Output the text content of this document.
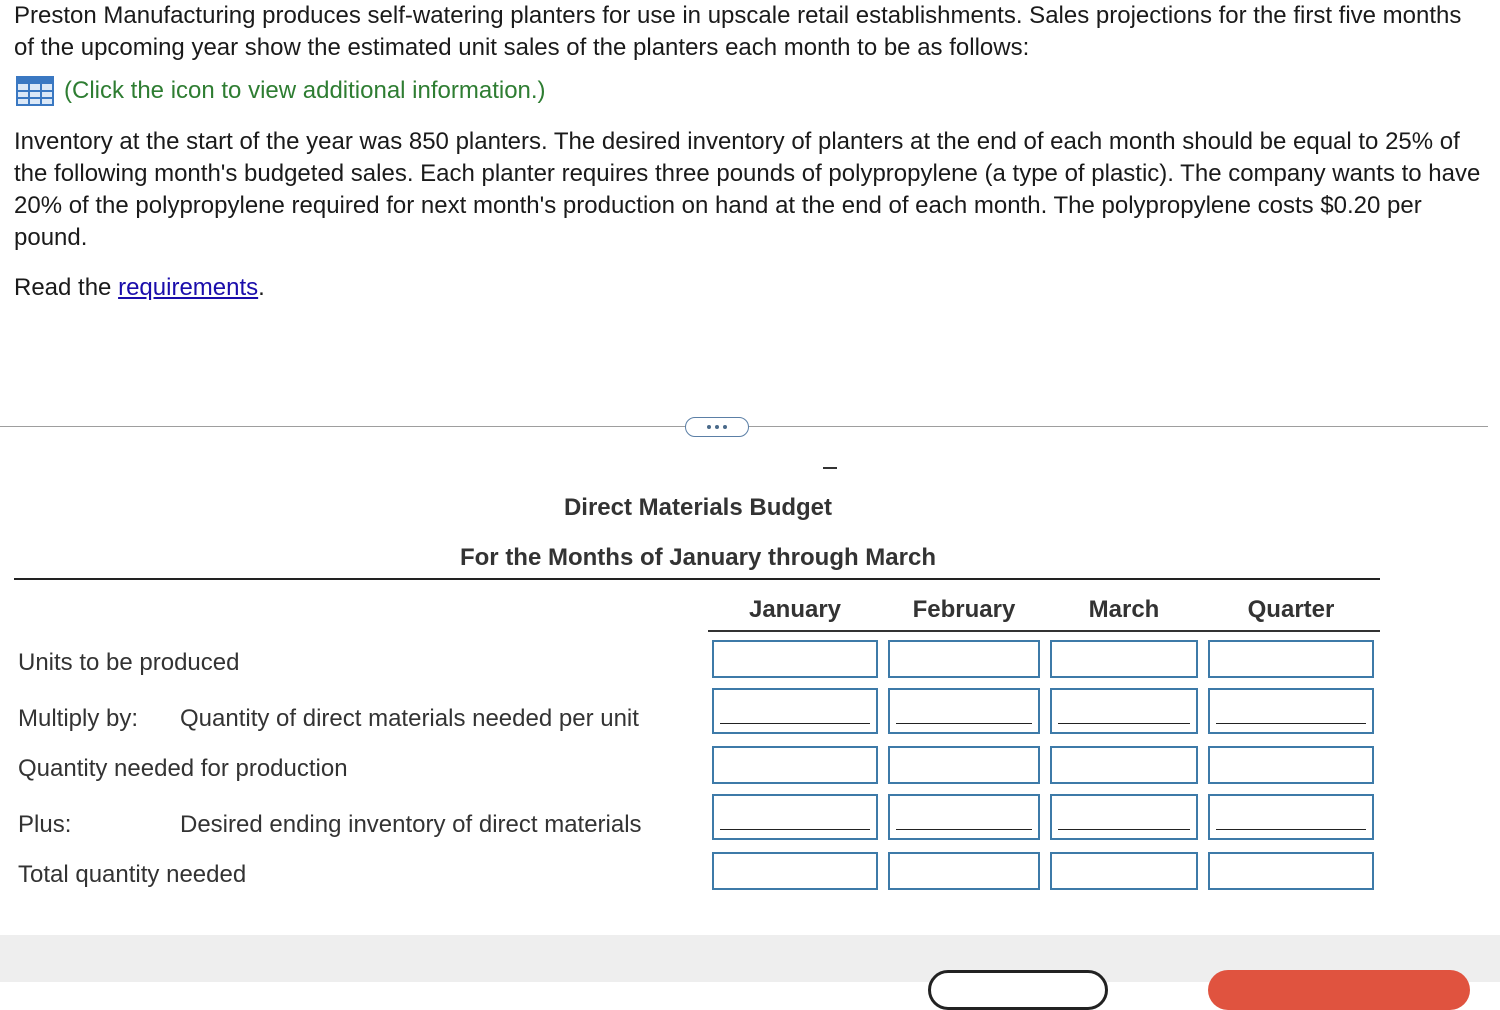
Preston Manufacturing produces self-watering planters for use in upscale retail establishments. Sales projections for the first five months of the upcoming year show the estimated unit sales of the planters each month to be as follows:
(Click the icon to view additional information.)
Inventory at the start of the year was 850 planters. The desired inventory of planters at the end of each month should be equal to 25% of the following month's budgeted sales. Each planter requires three pounds of polypropylene (a type of plastic). The company wants to have 20% of the polypropylene required for next month's production on hand at the end of each month. The polypropylene costs $0.20 per pound.
Read the requirements.
Direct Materials Budget
For the Months of January through March
January	February	March	Quarter
Units to be produced
Multiply by: Quantity of direct materials needed per unit
Quantity needed for production
Plus:	Desired ending inventory of direct materials
Total quantity needed
